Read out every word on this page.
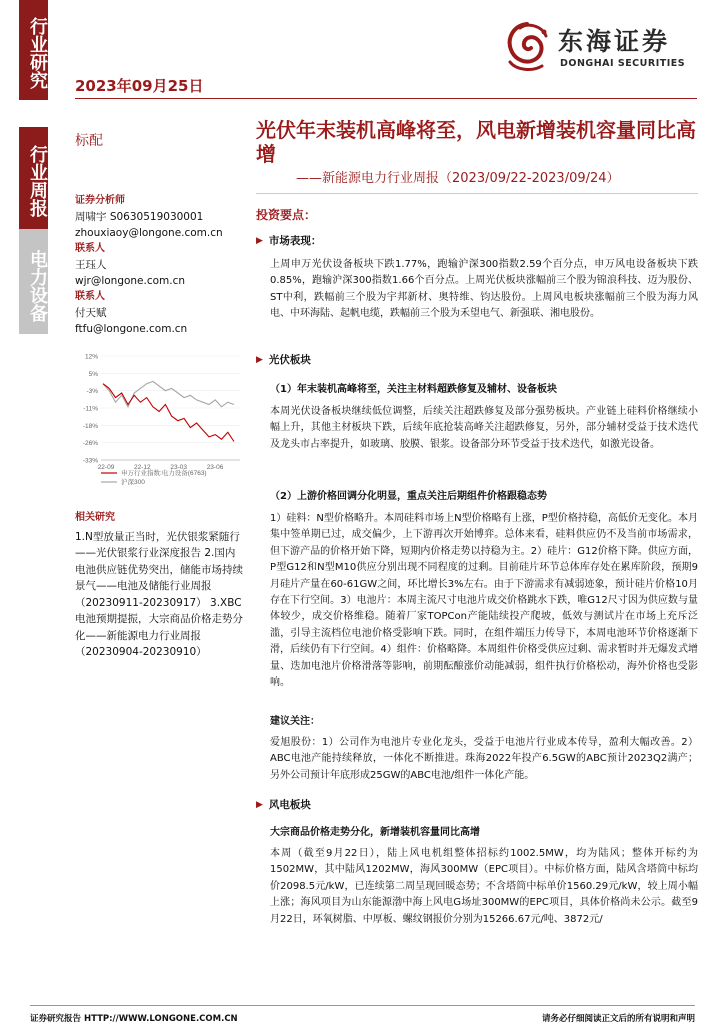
行业研究
行业周报
电力设备
2023年09月25日
东海证券
DONGHAI SECURITIES
标配	光伏年末装机高峰将至，风电新增装机容量同比高增
——新能源电力行业周报（2023/09/22-2023/09/24）
证券分析师
周啸宇 S0630519030001
zhouxiaoy@longone.com.cn
联系人
王珏人
wjr@longone.com.cn
联系人
付天赋
ftfu@longone.com.cn
12%
5%
-3%
-11%
-18%
-26%
-33%
22-09	22-12	23-03	23-06
申万行业指数:电力设备(6763)
沪深300
相关研究
1.N型放量正当时，光伏银浆紧随行——光伏银浆行业深度报告 2.国内电池供应链优势突出，储能市场持续景气——电池及储能行业周报（20230911-20230917） 3.XBC电池预期提振，大宗商品价格走势分化——新能源电力行业周报（20230904-20230910）
投资要点：
▶ 市场表现：
上周申万光伏设备板块下跌1.77%，跑输沪深300指数2.59个百分点，申万风电设备板块下跌0.85%，跑输沪深300指数1.66个百分点。上周光伏板块涨幅前三个股为锦浪科技、迈为股份、ST中利，跌幅前三个股为宇邦新材、奥特维、钧达股份。上周风电板块涨幅前三个股为海力风电、中环海陆、起帆电缆，跌幅前三个股为禾望电气、新强联、湘电股份。
▶ 光伏板块
（1）年末装机高峰将至，关注主材料超跌修复及辅材、设备板块
本周光伏设备板块继续低位调整，后续关注超跌修复及部分强势板块。产业链上硅料价格继续小幅上升，其他主材板块下跌，后续年底抢装高峰关注超跌修复，另外，部分辅材受益于技术迭代及龙头市占率提升，如玻璃、胶膜、银浆。设备部分环节受益于技术迭代，如激光设备。
（2）上游价格回调分化明显，重点关注后期组件价格跟稳态势
1）硅料：N型价格略升。本周硅料市场上N型价格略有上涨，P型价格持稳，高低价无变化。本月集中签单期已过，成交偏少，上下游再次开始博弈。总体来看，硅料供应仍不及当前市场需求，但下游产品的价格开始下降，短期内价格走势以持稳为主。2）硅片：G12价格下降。供应方面，P型G12和N型M10供应分别出现不同程度的过剩。目前硅片环节总体库存处在累库阶段，预期9月硅片产量在60-61GW之间，环比增长3%左右。由于下游需求有减弱迹象，预计硅片价格10月存在下行空间。3）电池片：本周主流尺寸电池片成交价格跳水下跌，唯G12尺寸因为供应数与量体较少，成交价格维稳。随着厂家TOPCon产能陆续投产爬坡，低效与测试片在市场上充斥泛滥，引导主流档位电池价格受影响下跌。同时，在组件端压力传导下，本周电池环节价格逐渐下滑，后续仍有下行空间。4）组件：价格略降。本周组件价格受供应过剩、需求暂时并无爆发式增量、迭加电池片价格滑落等影响，前期酝酿涨价动能减弱，组件执行价格松动，海外价格也受影响。
建议关注：
爱旭股份：1）公司作为电池片专业化龙头，受益于电池片行业成本传导，盈利大幅改善。2）ABC电池产能持续释放，一体化不断推进。珠海2022年投产6.5GW的ABC预计2023Q2满产；另外公司预计年底形成25GW的ABC电池/组件一体化产能。
▶ 风电板块
大宗商品价格走势分化，新增装机容量同比高增
本周（截至9月22日），陆上风电机组整体招标约1002.5MW，均为陆风；整体开标约为1502MW，其中陆风1202MW，海风300MW（EPC项目）。中标价格方面，陆风含塔筒中标均价2098.5元/kW，已连续第二周呈现回暖态势；不含塔筒中标单价1560.29元/kW，较上周小幅上涨；海风项目为山东能源渤中海上风电G场址300MW的EPC项目，具体价格尚未公示。截至9月22日，环氧树脂、中厚板、螺纹钢报价分别为15266.67元/吨、3872元/
证券研究报告 HTTP://WWW.LONGONE.COM.CN	请务必仔细阅读正文后的所有说明和声明
